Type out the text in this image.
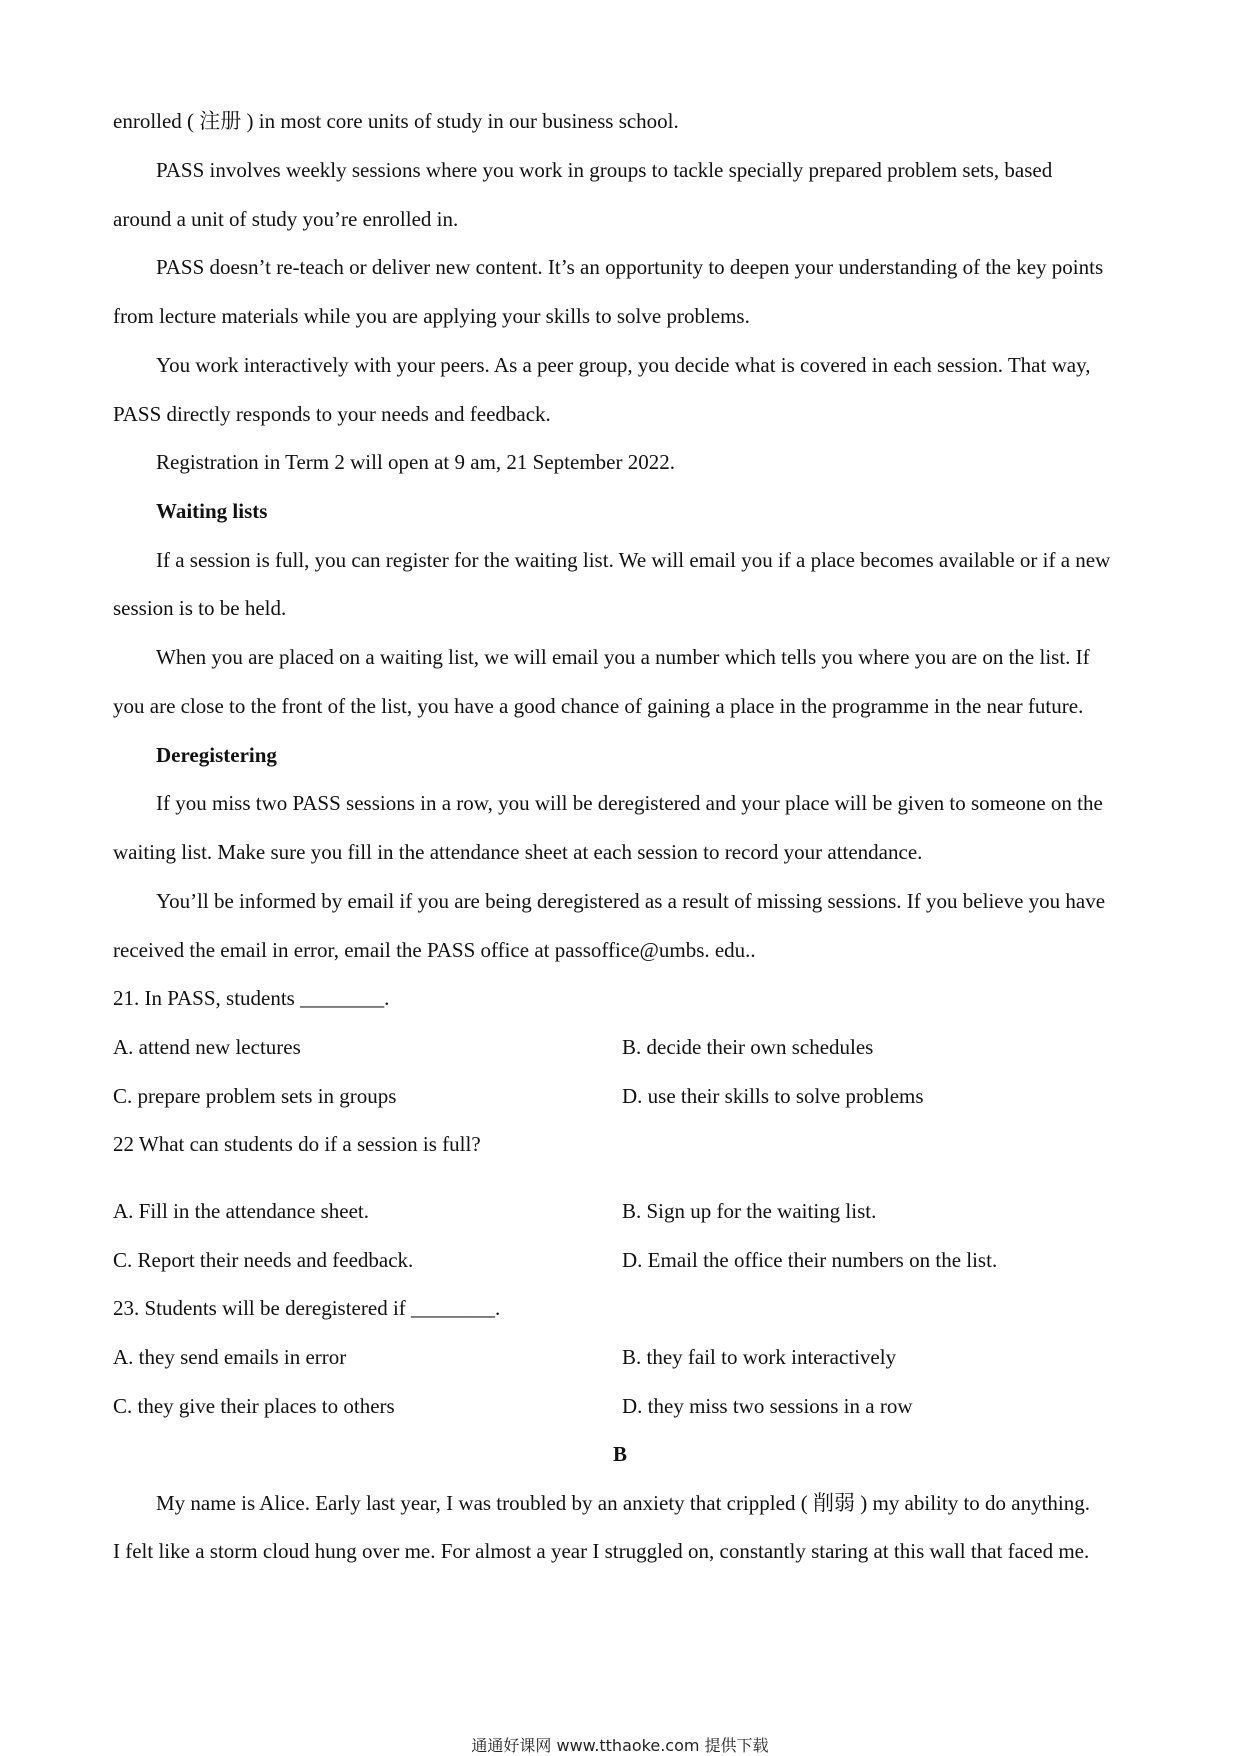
enrolled ( 注册 ) in most core units of study in our business school.
PASS involves weekly sessions where you work in groups to tackle specially prepared problem sets, based
around a unit of study you’re enrolled in.
PASS doesn’t re-teach or deliver new content. It’s an opportunity to deepen your understanding of the key points
from lecture materials while you are applying your skills to solve problems.
You work interactively with your peers. As a peer group, you decide what is covered in each session. That way,
PASS directly responds to your needs and feedback.
Registration in Term 2 will open at 9 am, 21 September 2022.
Waiting lists
If a session is full, you can register for the waiting list. We will email you if a place becomes available or if a new
session is to be held.
When you are placed on a waiting list, we will email you a number which tells you where you are on the list. If
you are close to the front of the list, you have a good chance of gaining a place in the programme in the near future.
Deregistering
If you miss two PASS sessions in a row, you will be deregistered and your place will be given to someone on the
waiting list. Make sure you fill in the attendance sheet at each session to record your attendance.
You’ll be informed by email if you are being deregistered as a result of missing sessions. If you believe you have
received the email in error, email the PASS office at passoffice@umbs. edu..
21. In PASS, students ________.
A. attend new lectures	B. decide their own schedules
C. prepare problem sets in groups	D. use their skills to solve problems
22 What can students do if a session is full?
A. Fill in the attendance sheet.	B. Sign up for the waiting list.
C. Report their needs and feedback.	D. Email the office their numbers on the list.
23. Students will be deregistered if ________.
A. they send emails in error	B. they fail to work interactively
C. they give their places to others	D. they miss two sessions in a row
B
My name is Alice. Early last year, I was troubled by an anxiety that crippled ( 削弱 ) my ability to do anything.
I felt like a storm cloud hung over me. For almost a year I struggled on, constantly staring at this wall that faced me.
通通好课网 www.tthaoke.com 提供下载
